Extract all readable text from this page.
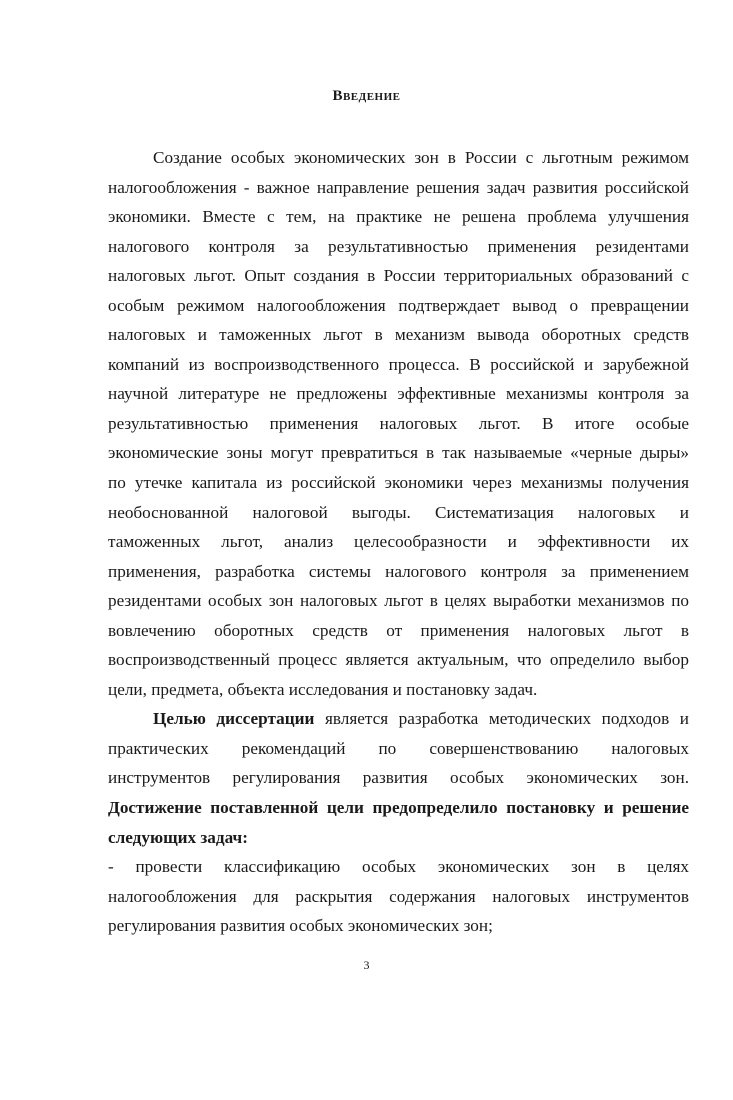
Введение
Создание особых экономических зон в России с льготным режимом
налогообложения - важное направление решения задач развития российской
экономики. Вместе с тем, на практике не решена проблема улучшения
налогового контроля за результативностью применения резидентами
налоговых льгот. Опыт создания в России территориальных образований с
особым режимом налогообложения подтверждает вывод о превращении
налоговых и таможенных льгот в механизм вывода оборотных средств
компаний из воспроизводственного процесса. В российской и зарубежной
научной литературе не предложены эффективные механизмы контроля за
результативностью применения налоговых льгот. В итоге особые
экономические зоны могут превратиться в так называемые «черные дыры»
по утечке капитала из российской экономики через механизмы получения
необоснованной налоговой выгоды. Систематизация налоговых и
таможенных льгот, анализ целесообразности и эффективности их
применения, разработка системы налогового контроля за применением
резидентами особых зон налоговых льгот в целях выработки механизмов по
вовлечению оборотных средств от применения налоговых льгот в
воспроизводственный процесс является актуальным, что определило выбор
цели, предмета, объекта исследования и постановку задач.
Целью диссертации является разработка методических подходов и
практических рекомендаций по совершенствованию налоговых
инструментов регулирования развития особых экономических зон.
Достижение поставленной цели предопределило постановку и решение
следующих задач:
- провести классификацию особых экономических зон в целях
налогообложения для раскрытия содержания налоговых инструментов
регулирования развития особых экономических зон;
3
